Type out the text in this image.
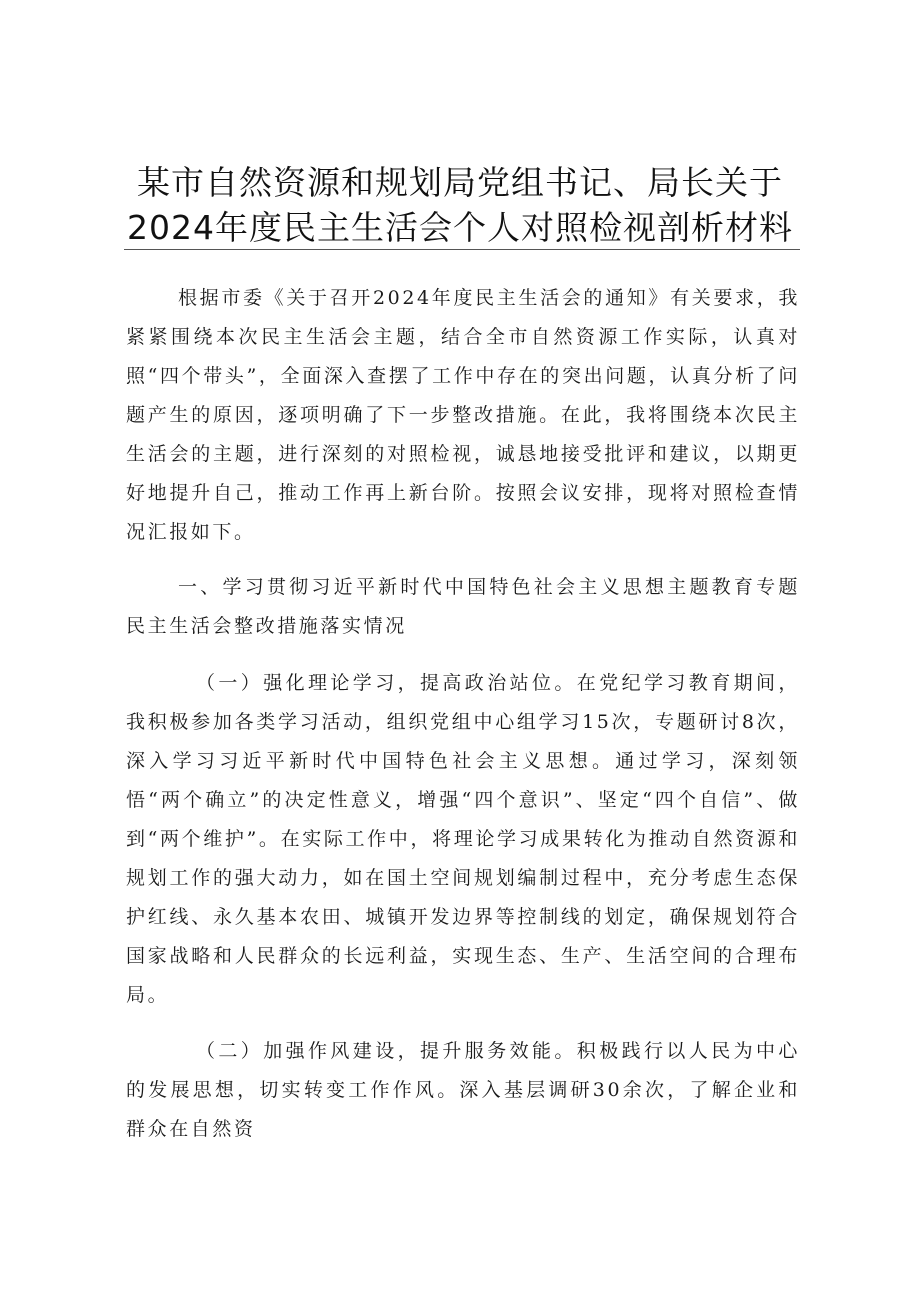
某市自然资源和规划局党组书记、局长关于
2024年度民主生活会个人对照检视剖析材料

根据市委《关于召开2024年度民主生活会的通知》有关要求，我紧紧围绕本次民主生活会主题，结合全市自然资源工作实际，认真对照“四个带头”，全面深入查摆了工作中存在的突出问题，认真分析了问题产生的原因，逐项明确了下一步整改措施。在此，我将围绕本次民主生活会的主题，进行深刻的对照检视，诚恳地接受批评和建议，以期更好地提升自己，推动工作再上新台阶。按照会议安排，现将对照检查情况汇报如下。

一、学习贯彻习近平新时代中国特色社会主义思想主题教育专题民主生活会整改措施落实情况

（一）强化理论学习，提高政治站位。在党纪学习教育期间，我积极参加各类学习活动，组织党组中心组学习15次，专题研讨8次，深入学习习近平新时代中国特色社会主义思想。通过学习，深刻领悟“两个确立”的决定性意义，增强“四个意识”、坚定“四个自信”、做到“两个维护”。在实际工作中，将理论学习成果转化为推动自然资源和规划工作的强大动力，如在国土空间规划编制过程中，充分考虑生态保护红线、永久基本农田、城镇开发边界等控制线的划定，确保规划符合国家战略和人民群众的长远利益，实现生态、生产、生活空间的合理布局。

（二）加强作风建设，提升服务效能。积极践行以人民为中心的发展思想，切实转变工作作风。深入基层调研30余次，了解企业和群众在自然资
